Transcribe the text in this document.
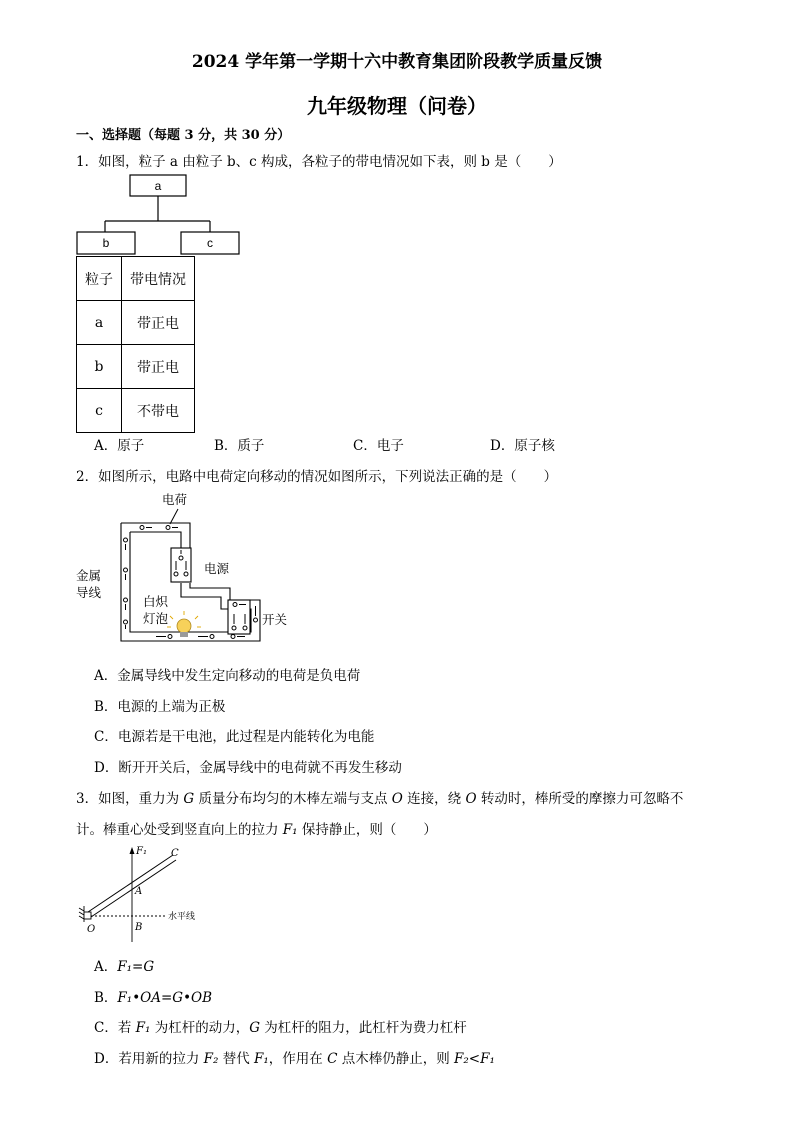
2024 学年第一学期十六中教育集团阶段教学质量反馈
九年级物理（问卷）
一、选择题（每题 3 分，共 30 分）
1．如图，粒子 a 由粒子 b、c 构成，各粒子的带电情况如下表，则 b 是（　　）
a
b	c
粒子	带电情况
a	带正电
b	带正电
c	不带电
A．原子	B．质子	C．电子	D．原子核
2．如图所示，电路中电荷定向移动的情况如图所示，下列说法正确的是（　　）
电荷
金属
导线
电源
白炽
灯泡	开关
A．金属导线中发生定向移动的电荷是负电荷
B．电源的上端为正极
C．电源若是干电池，此过程是内能转化为电能
D．断开开关后，金属导线中的电荷就不再发生移动
3．如图，重力为 G 质量分布均匀的木棒左端与支点 O 连接，绕 O 转动时，棒所受的摩擦力可忽略不
计。棒重心处受到竖直向上的拉力 F₁ 保持静止，则（　　）
F₁ C
A
O	B
水平线
A．F₁=G
B．F₁•OA=G•OB
C．若 F₁ 为杠杆的动力，G 为杠杆的阻力，此杠杆为费力杠杆
D．若用新的拉力 F₂ 替代 F₁，作用在 C 点木棒仍静止，则 F₂<F₁
